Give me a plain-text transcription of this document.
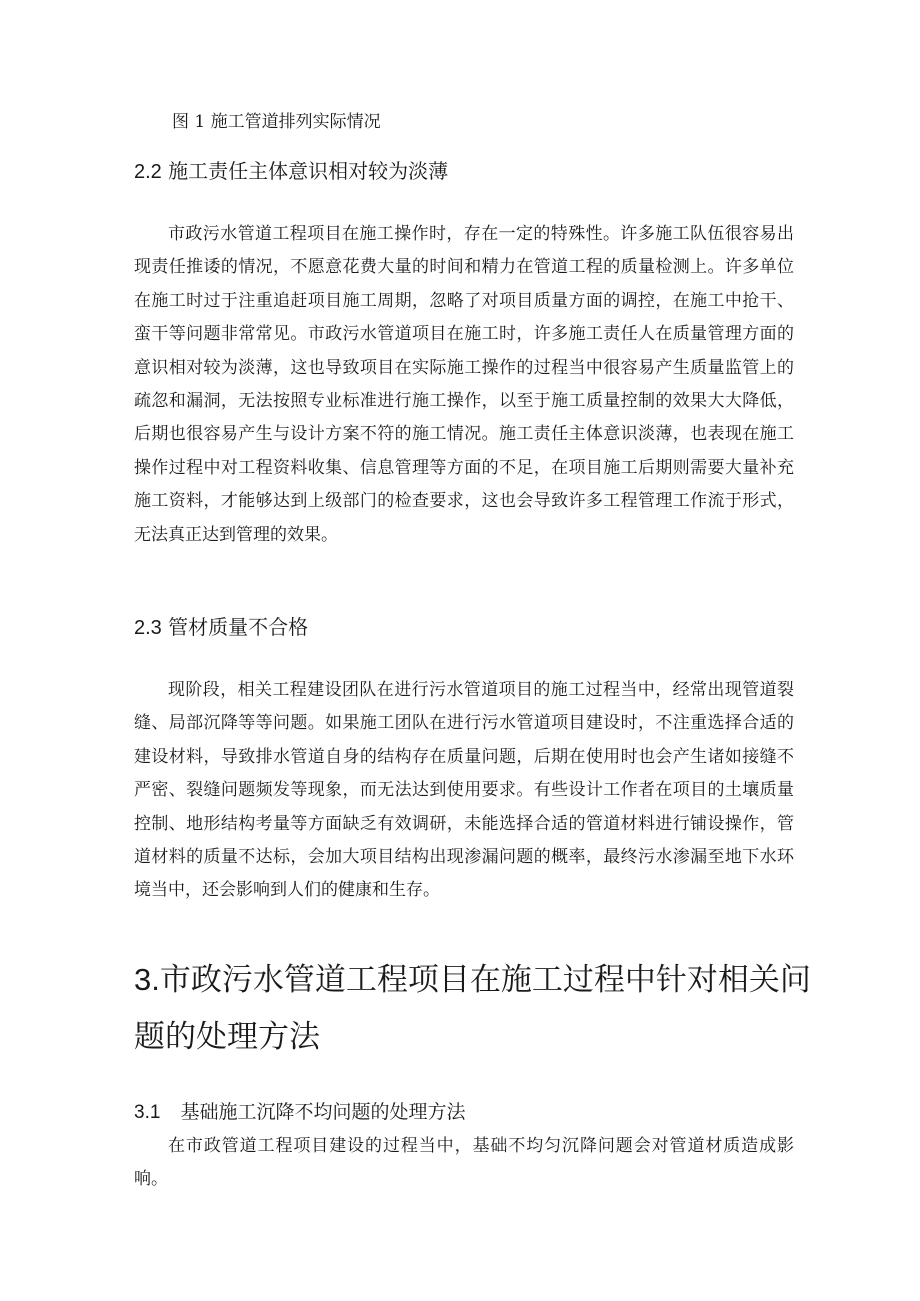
图 1 施工管道排列实际情况
2.2 施工责任主体意识相对较为淡薄

市政污水管道工程项目在施工操作时，存在一定的特殊性。许多施工队伍很容易出现责任推诿的情况，不愿意花费大量的时间和精力在管道工程的质量检测上。许多单位在施工时过于注重追赶项目施工周期，忽略了对项目质量方面的调控，在施工中抢干、蛮干等问题非常常见。市政污水管道项目在施工时，许多施工责任人在质量管理方面的意识相对较为淡薄，这也导致项目在实际施工操作的过程当中很容易产生质量监管上的疏忽和漏洞，无法按照专业标准进行施工操作，以至于施工质量控制的效果大大降低，后期也很容易产生与设计方案不符的施工情况。施工责任主体意识淡薄，也表现在施工操作过程中对工程资料收集、信息管理等方面的不足，在项目施工后期则需要大量补充施工资料，才能够达到上级部门的检查要求，这也会导致许多工程管理工作流于形式，无法真正达到管理的效果。

2.3 管材质量不合格

现阶段，相关工程建设团队在进行污水管道项目的施工过程当中，经常出现管道裂缝、局部沉降等等问题。如果施工团队在进行污水管道项目建设时，不注重选择合适的建设材料，导致排水管道自身的结构存在质量问题，后期在使用时也会产生诸如接缝不严密、裂缝问题频发等现象，而无法达到使用要求。有些设计工作者在项目的土壤质量控制、地形结构考量等方面缺乏有效调研，未能选择合适的管道材料进行铺设操作，管道材料的质量不达标，会加大项目结构出现渗漏问题的概率，最终污水渗漏至地下水环境当中，还会影响到人们的健康和生存。

3.市政污水管道工程项目在施工过程中针对相关问题的处理方法
3.1 基础施工沉降不均问题的处理方法

在市政管道工程项目建设的过程当中，基础不均匀沉降问题会对管道材质造成影响。
